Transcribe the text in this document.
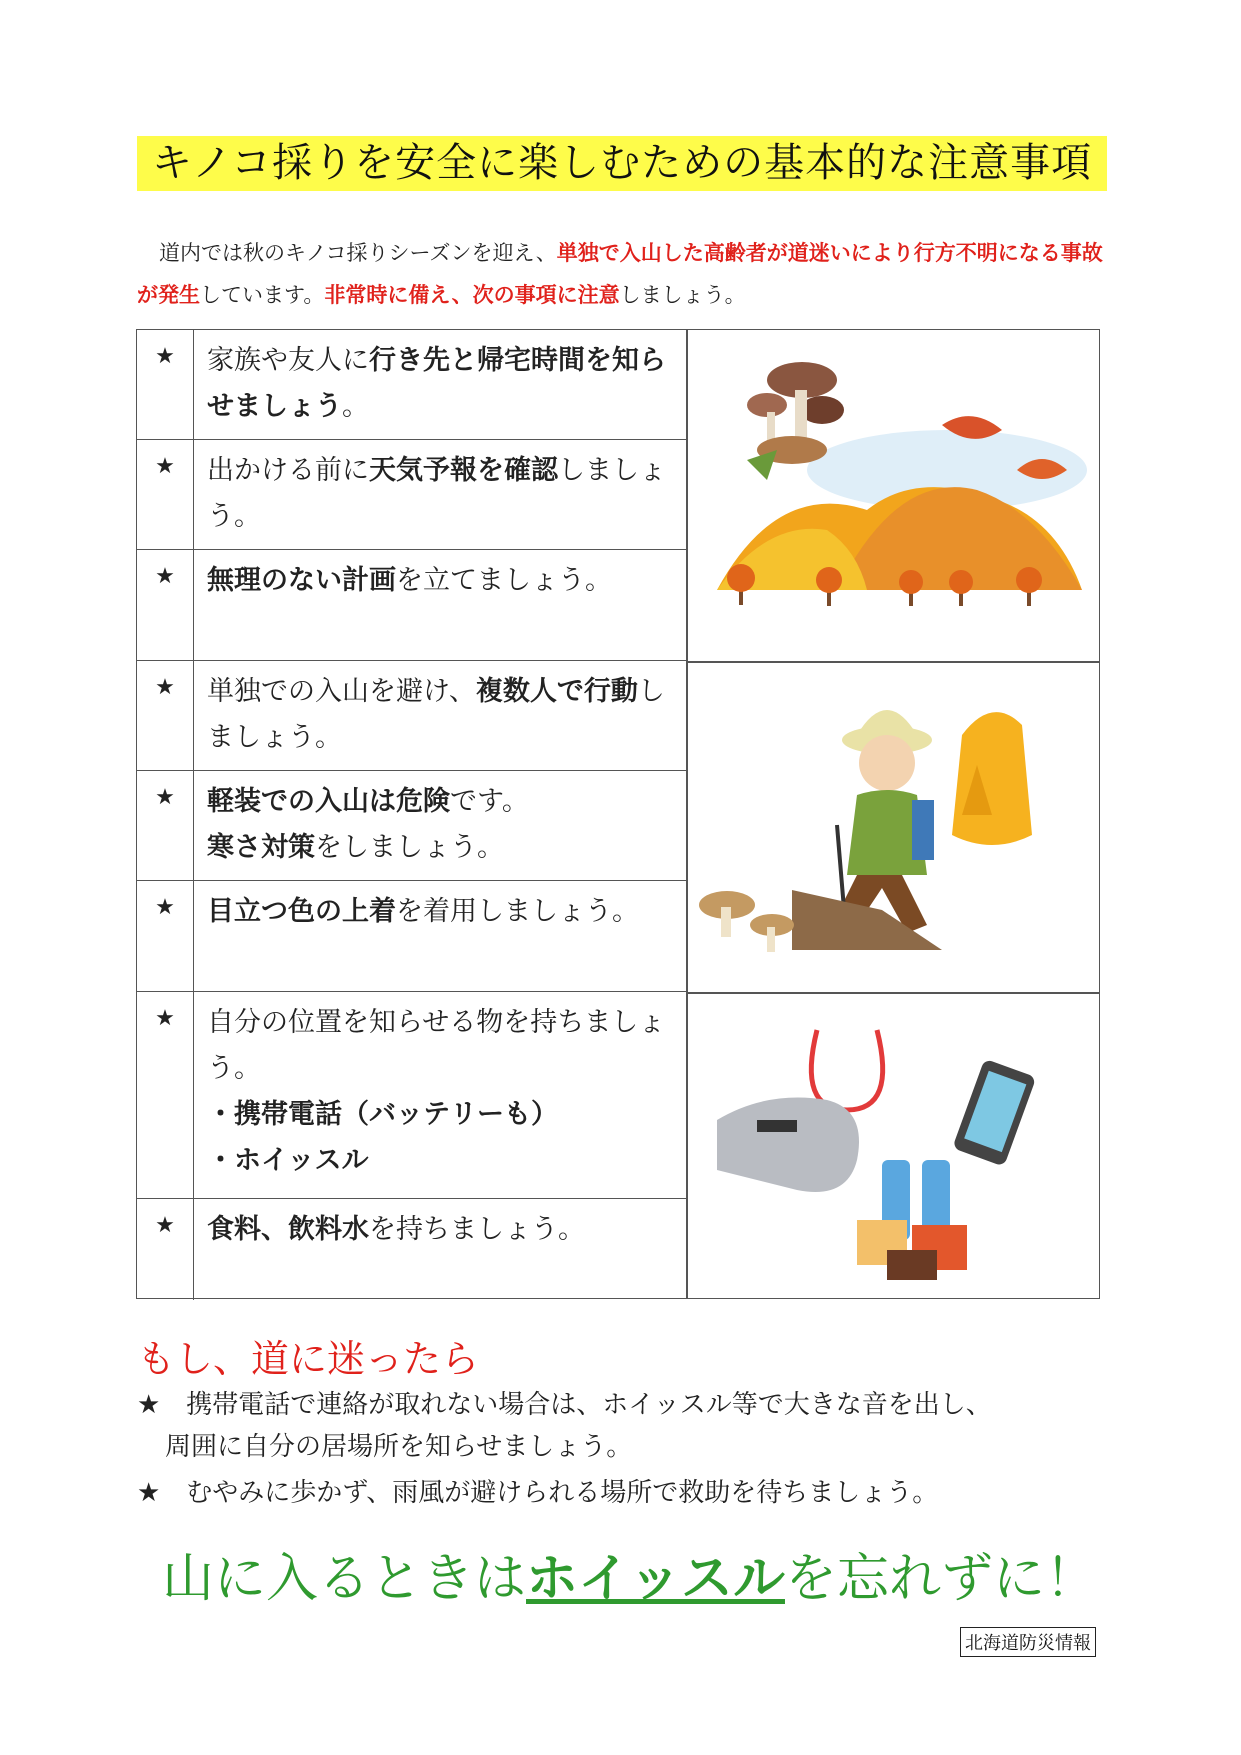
キノコ採りを安全に楽しむための基本的な注意事項
道内では秋のキノコ採りシーズンを迎え、単独で入山した高齢者が道迷いにより行方不明になる事故が発生しています。非常時に備え、次の事項に注意しましょう。
★	家族や友人に行き先と帰宅時間を知らせましょう。
★	出かける前に天気予報を確認しましょう。
★	無理のない計画を立てましょう。
★	単独での入山を避け、複数人で行動しましょう。
★	軽装での入山は危険です。
寒さ対策をしましょう。
★	目立つ色の上着を着用しましょう。
★	自分の位置を知らせる物を持ちましょう。
・携帯電話（バッテリーも）
・ホイッスル
★	食料、飲料水を持ちましょう。
もし、道に迷ったら
★　携帯電話で連絡が取れない場合は、ホイッスル等で大きな音を出し、
周囲に自分の居場所を知らせましょう。
★　むやみに歩かず、雨風が避けられる場所で救助を待ちましょう。
山に入るときはホイッスルを忘れずに！
北海道防災情報
